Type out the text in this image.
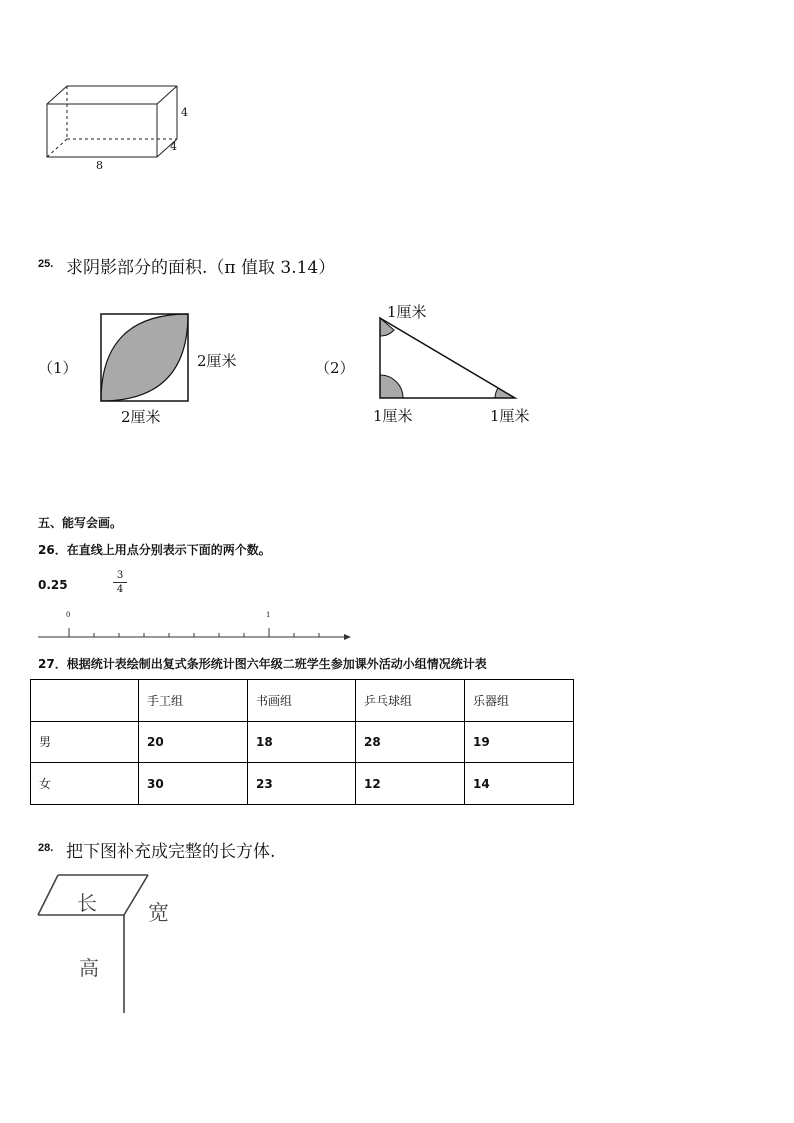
4
4
8
25. 求阴影部分的面积.（π 值取 3.14）
（1）	2厘米
2厘米
（2）
1厘米
1厘米	1厘米
五、能写会画。
26．在直线上用点分别表示下面的两个数。
0.25
3
4
0	1
27．根据统计表绘制出复式条形统计图六年级二班学生参加课外活动小组情况统计表
	手工组	书画组	乒乓球组	乐器组
男	20	18	28	19
女	30	23	12	14
28. 把下图补充成完整的长方体.
长 宽
高
